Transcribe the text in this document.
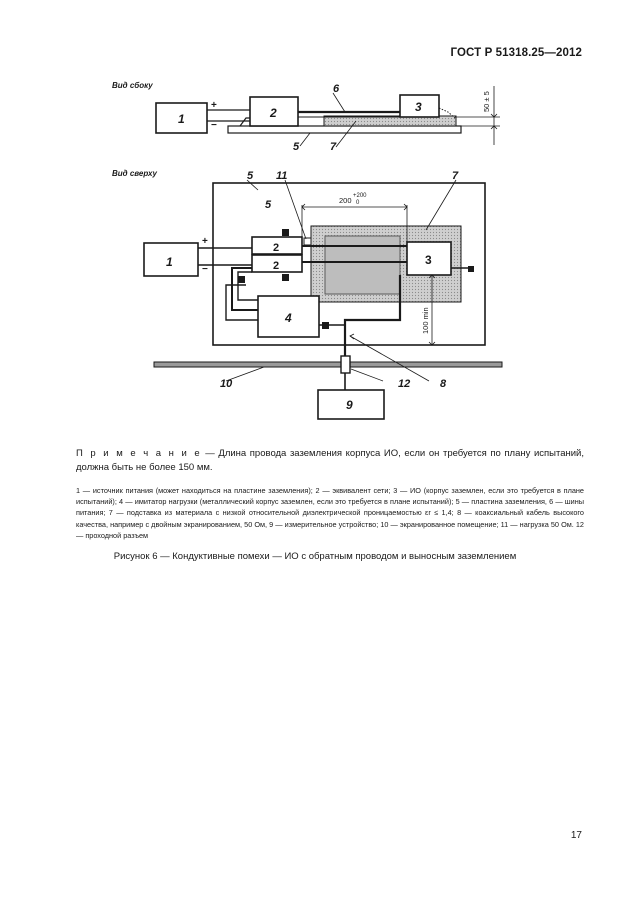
ГОСТ Р 51318.25—2012
Вид сбоку
Вид сверху
1	2	3
6
5	7
+
−
50 ± 5
1
2
2	3
4
5
5
7
11
10	12	8
9
+
−
200 +200
0
100 min
П р и м е ч а н и е — Длина провода заземления корпуса ИО, если он требуется по плану испытаний, должна быть не более 150 мм.
1 — источник питания (может находиться на пластине заземления); 2 — эквивалент сети; 3 — ИО (корпус заземлен, если это требуется в плане испытаний); 4 — имитатор нагрузки (металлический корпус заземлен, если это требуется в плане испытаний); 5 — пластина заземления, 6 — шины питания; 7 — подставка из материала с низкой относительной диэлектрической проницаемостью εr ≤ 1,4; 8 — коаксиальный кабель высокого качества, например с двойным экранированием, 50 Ом, 9 — измерительное устройство; 10 — экранированное помещение; 11 — нагрузка 50 Ом. 12 — проходной разъем
Рисунок 6 — Кондуктивные помехи — ИО с обратным проводом и выносным заземлением
17
